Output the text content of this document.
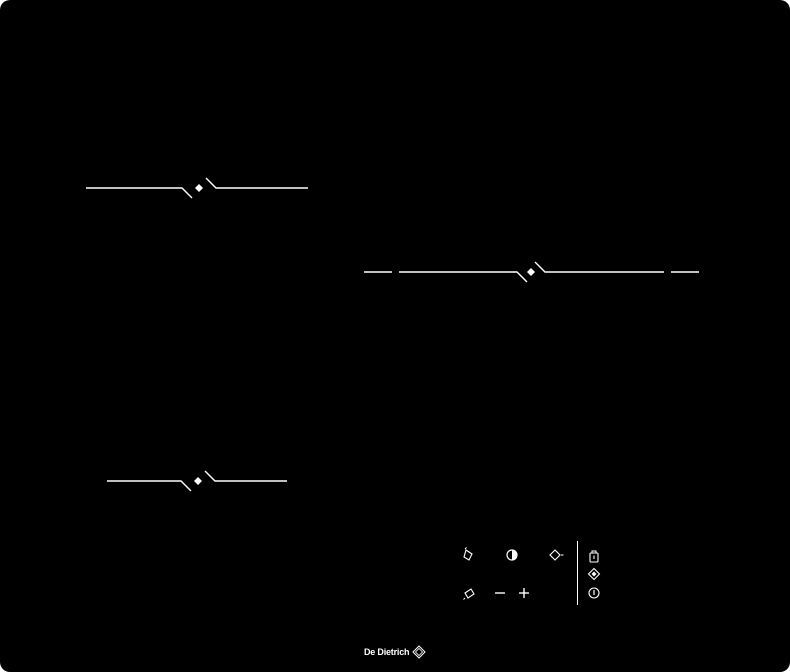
De Dietrich
